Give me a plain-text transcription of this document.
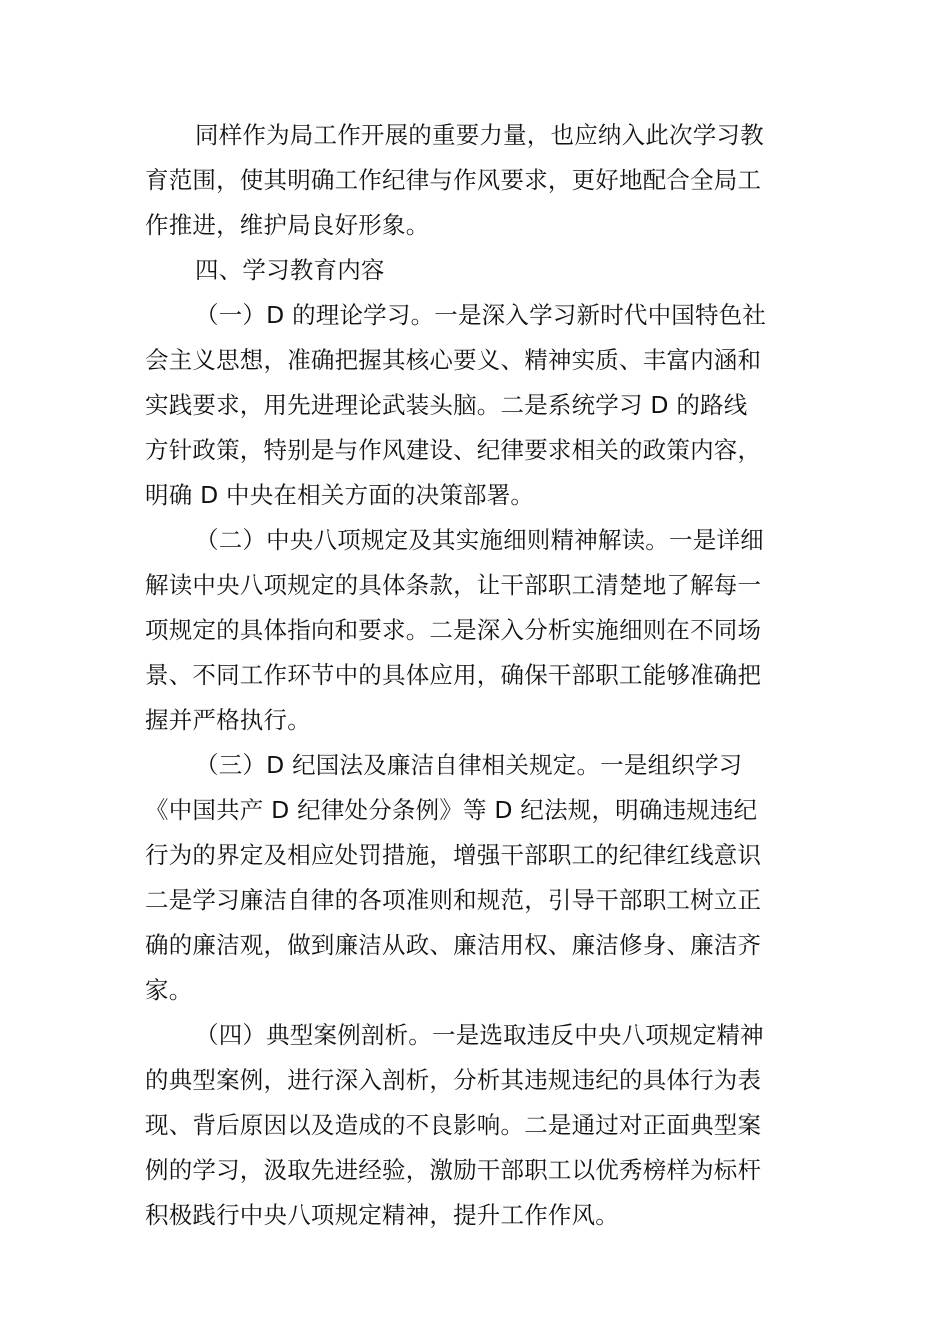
同样作为局工作开展的重要力量，也应纳入此次学习教
育范围，使其明确工作纪律与作风要求，更好地配合全局工
作推进，维护局良好形象。
四、学习教育内容
（一）D 的理论学习。一是深入学习新时代中国特色社
会主义思想，准确把握其核心要义、精神实质、丰富内涵和
实践要求，用先进理论武装头脑。二是系统学习 D 的路线
方针政策，特别是与作风建设、纪律要求相关的政策内容，
明确 D 中央在相关方面的决策部署。
（二）中央八项规定及其实施细则精神解读。一是详细
解读中央八项规定的具体条款，让干部职工清楚地了解每一
项规定的具体指向和要求。二是深入分析实施细则在不同场
景、不同工作环节中的具体应用，确保干部职工能够准确把
握并严格执行。
（三）D 纪国法及廉洁自律相关规定。一是组织学习
《中国共产 D 纪律处分条例》等 D 纪法规，明确违规违纪
行为的界定及相应处罚措施，增强干部职工的纪律红线意识
二是学习廉洁自律的各项准则和规范，引导干部职工树立正
确的廉洁观，做到廉洁从政、廉洁用权、廉洁修身、廉洁齐
家。
（四）典型案例剖析。一是选取违反中央八项规定精神
的典型案例，进行深入剖析，分析其违规违纪的具体行为表
现、背后原因以及造成的不良影响。二是通过对正面典型案
例的学习，汲取先进经验，激励干部职工以优秀榜样为标杆
积极践行中央八项规定精神，提升工作作风。
